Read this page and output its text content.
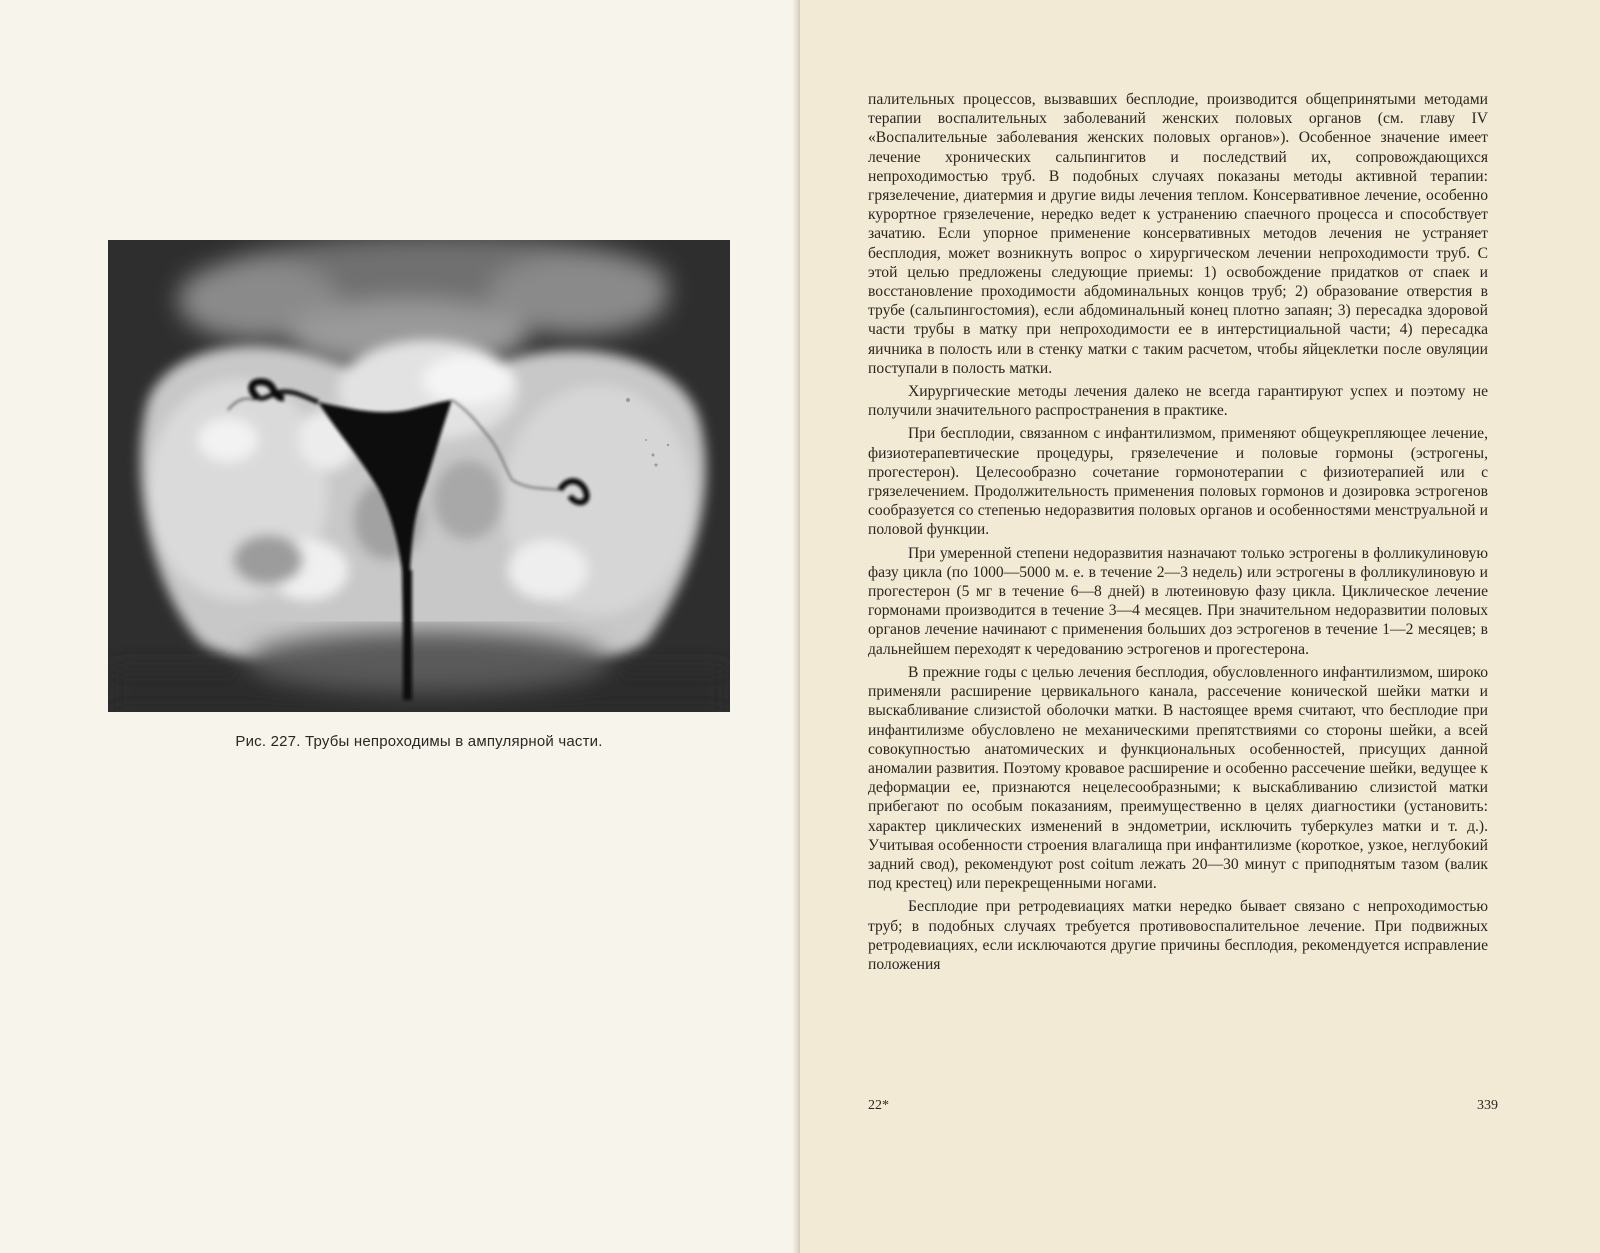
Рис. 227. Трубы непроходимы в ампулярной части.

палительных процессов, вызвавших бесплодие, производится общепринятыми методами терапии воспалительных заболеваний женских половых органов (см. главу IV «Воспалительные заболевания женских половых органов»). Особенное значение имеет лечение хронических сальпингитов и последствий их, сопровождающихся непроходимостью труб. В подобных случаях показаны методы активной терапии: грязелечение, диатермия и другие виды лечения теплом. Консервативное лечение, особенно курортное грязелечение, нередко ведет к устранению спаечного процесса и способствует зачатию. Если упорное применение консервативных методов лечения не устраняет бесплодия, может возникнуть вопрос о хирургическом лечении непроходимости труб. С этой целью предложены следующие приемы: 1) освобождение придатков от спаек и восстановление проходимости абдоминальных концов труб; 2) образование отверстия в трубе (сальпингостомия), если абдоминальный конец плотно запаян; 3) пересадка здоровой части трубы в матку при непроходимости ее в интерстициальной части; 4) пересадка яичника в полость или в стенку матки с таким расчетом, чтобы яйцеклетки после овуляции поступали в полость матки.

Хирургические методы лечения далеко не всегда гарантируют успех и поэтому не получили значительного распространения в практике.

При бесплодии, связанном с инфантилизмом, применяют общеукрепляющее лечение, физиотерапевтические процедуры, грязелечение и половые гормоны (эстрогены, прогестерон). Целесообразно сочетание гормонотерапии с физиотерапией или с грязелечением. Продолжительность применения половых гормонов и дозировка эстрогенов сообразуется со степенью недоразвития половых органов и особенностями менструальной и половой функции.

При умеренной степени недоразвития назначают только эстрогены в фолликулиновую фазу цикла (по 1000—5000 м. е. в течение 2—3 недель) или эстрогены в фолликулиновую и прогестерон (5 мг в течение 6—8 дней) в лютеиновую фазу цикла. Циклическое лечение гормонами производится в течение 3—4 месяцев. При значительном недоразвитии половых органов лечение начинают с применения больших доз эстрогенов в течение 1—2 месяцев; в дальнейшем переходят к чередованию эстрогенов и прогестерона.

В прежние годы с целью лечения бесплодия, обусловленного инфантилизмом, широко применяли расширение цервикального канала, рассечение конической шейки матки и выскабливание слизистой оболочки матки. В настоящее время считают, что бесплодие при инфантилизме обусловлено не механическими препятствиями со стороны шейки, а всей совокупностью анатомических и функциональных особенностей, присущих данной аномалии развития. Поэтому кровавое расширение и особенно рассечение шейки, ведущее к деформации ее, признаются нецелесообразными; к выскабливанию слизистой матки прибегают по особым показаниям, преимущественно в целях диагностики (установить: характер циклических изменений в эндометрии, исключить туберкулез матки и т. д.). Учитывая особенности строения влагалища при инфантилизме (короткое, узкое, неглубокий задний свод), рекомендуют post coitum лежать 20—30 минут с приподнятым тазом (валик под крестец) или перекрещенными ногами.

Бесплодие при ретродевиациях матки нередко бывает связано с непроходимостью труб; в подобных случаях требуется противовоспалительное лечение. При подвижных ретродевиациях, если исключаются другие причины бесплодия, рекомендуется исправление положения

22*	339
